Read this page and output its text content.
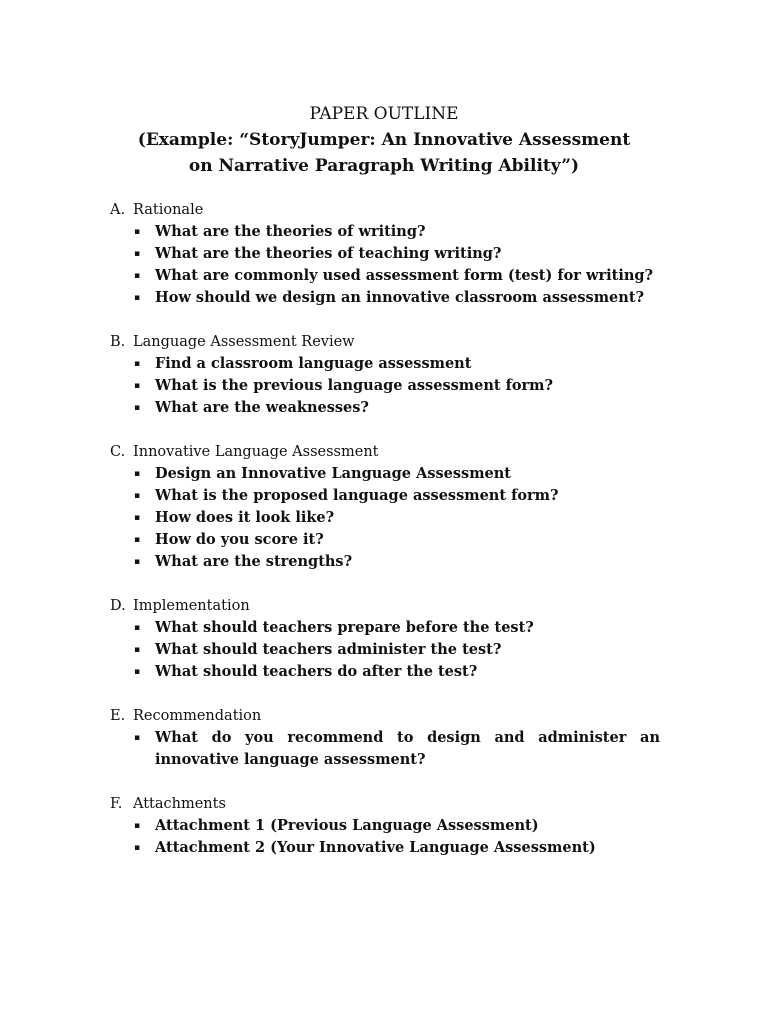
PAPER OUTLINE
(Example: “StoryJumper: An Innovative Assessment
on Narrative Paragraph Writing Ability”)
A. Rationale
▪	What are the theories of writing?
▪	What are the theories of teaching writing?
▪	What are commonly used assessment form (test) for writing?
▪	How should we design an innovative classroom assessment?
B. Language Assessment Review
▪	Find a classroom language assessment
▪	What is the previous language assessment form?
▪	What are the weaknesses?
C. Innovative Language Assessment
▪	Design an Innovative Language Assessment
▪	What is the proposed language assessment form?
▪	How does it look like?
▪	How do you score it?
▪	What are the strengths?
D. Implementation
▪	What should teachers prepare before the test?
▪	What should teachers administer the test?
▪	What should teachers do after the test?
E. Recommendation
▪	What do you recommend to design and administer an innovative language assessment?
F. Attachments
▪	Attachment 1 (Previous Language Assessment)
▪	Attachment 2 (Your Innovative Language Assessment)
